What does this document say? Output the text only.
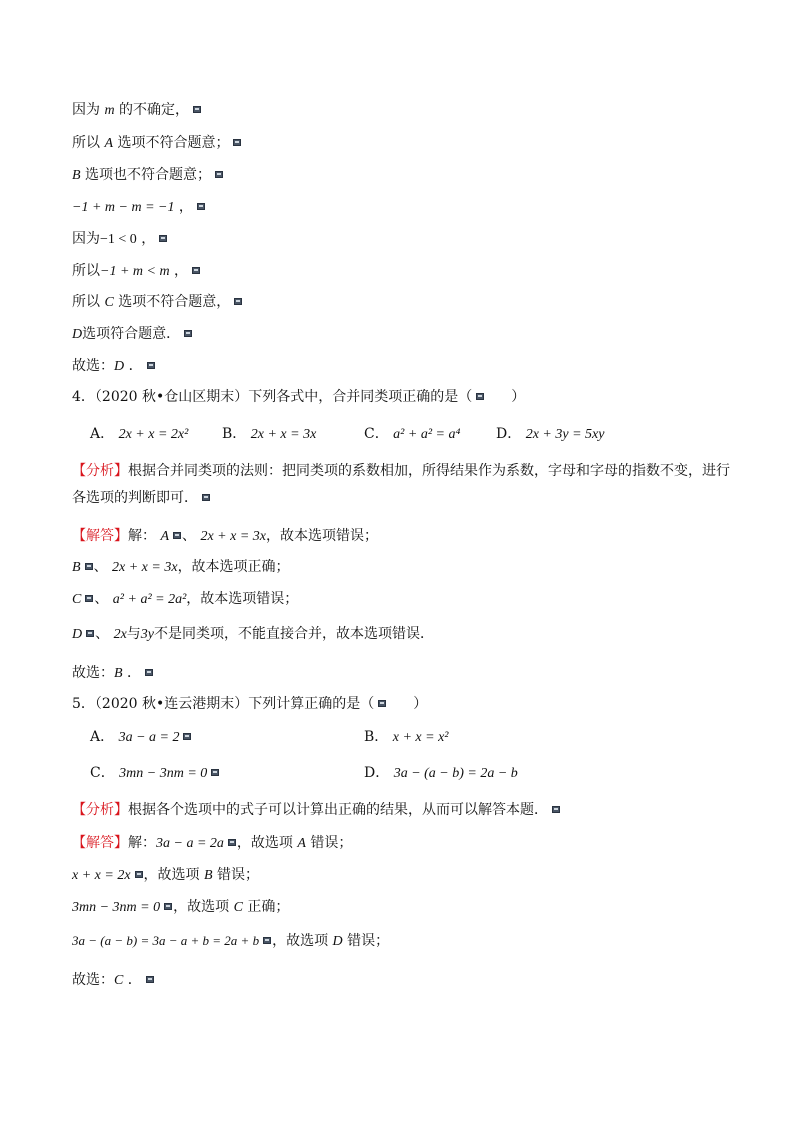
因为 m 的不确定，
所以 A 选项不符合题意；
B 选项也不符合题意；
−1 + m − m = −1 ，
因为−1 < 0 ，
所以−1 + m < m ，
所以 C 选项不符合题意，
D选项符合题意．
故选：D ．
4．（2020 秋•仓山区期末）下列各式中，合并同类项正确的是（	）
A． 2x + x = 2x² B． 2x + x = 3x	C． a² + a² = a⁴	D． 2x + 3y = 5xy
【分析】根据合并同类项的法则：把同类项的系数相加，所得结果作为系数，字母和字母的指数不变，进行各选项的判断即可．
【解答】解： A 、 2x + x = 3x，故本选项错误；
B 、 2x + x = 3x，故本选项正确；
C 、 a² + a² = 2a²，故本选项错误；
D 、 2x与3y不是同类项，不能直接合并，故本选项错误．
故选：B ．
5．（2020 秋•连云港期末）下列计算正确的是（	）
A． 3a − a = 2	B． x + x = x²
C． 3mn − 3nm = 0	D． 3a − (a − b) = 2a − b
【分析】根据各个选项中的式子可以计算出正确的结果，从而可以解答本题．
【解答】解：3a − a = 2a ，故选项 A 错误；
x + x = 2x ，故选项 B 错误；
3mn − 3nm = 0 ，故选项 C 正确；
3a − (a − b) = 3a − a + b = 2a + b ，故选项 D 错误；
故选：C ．
